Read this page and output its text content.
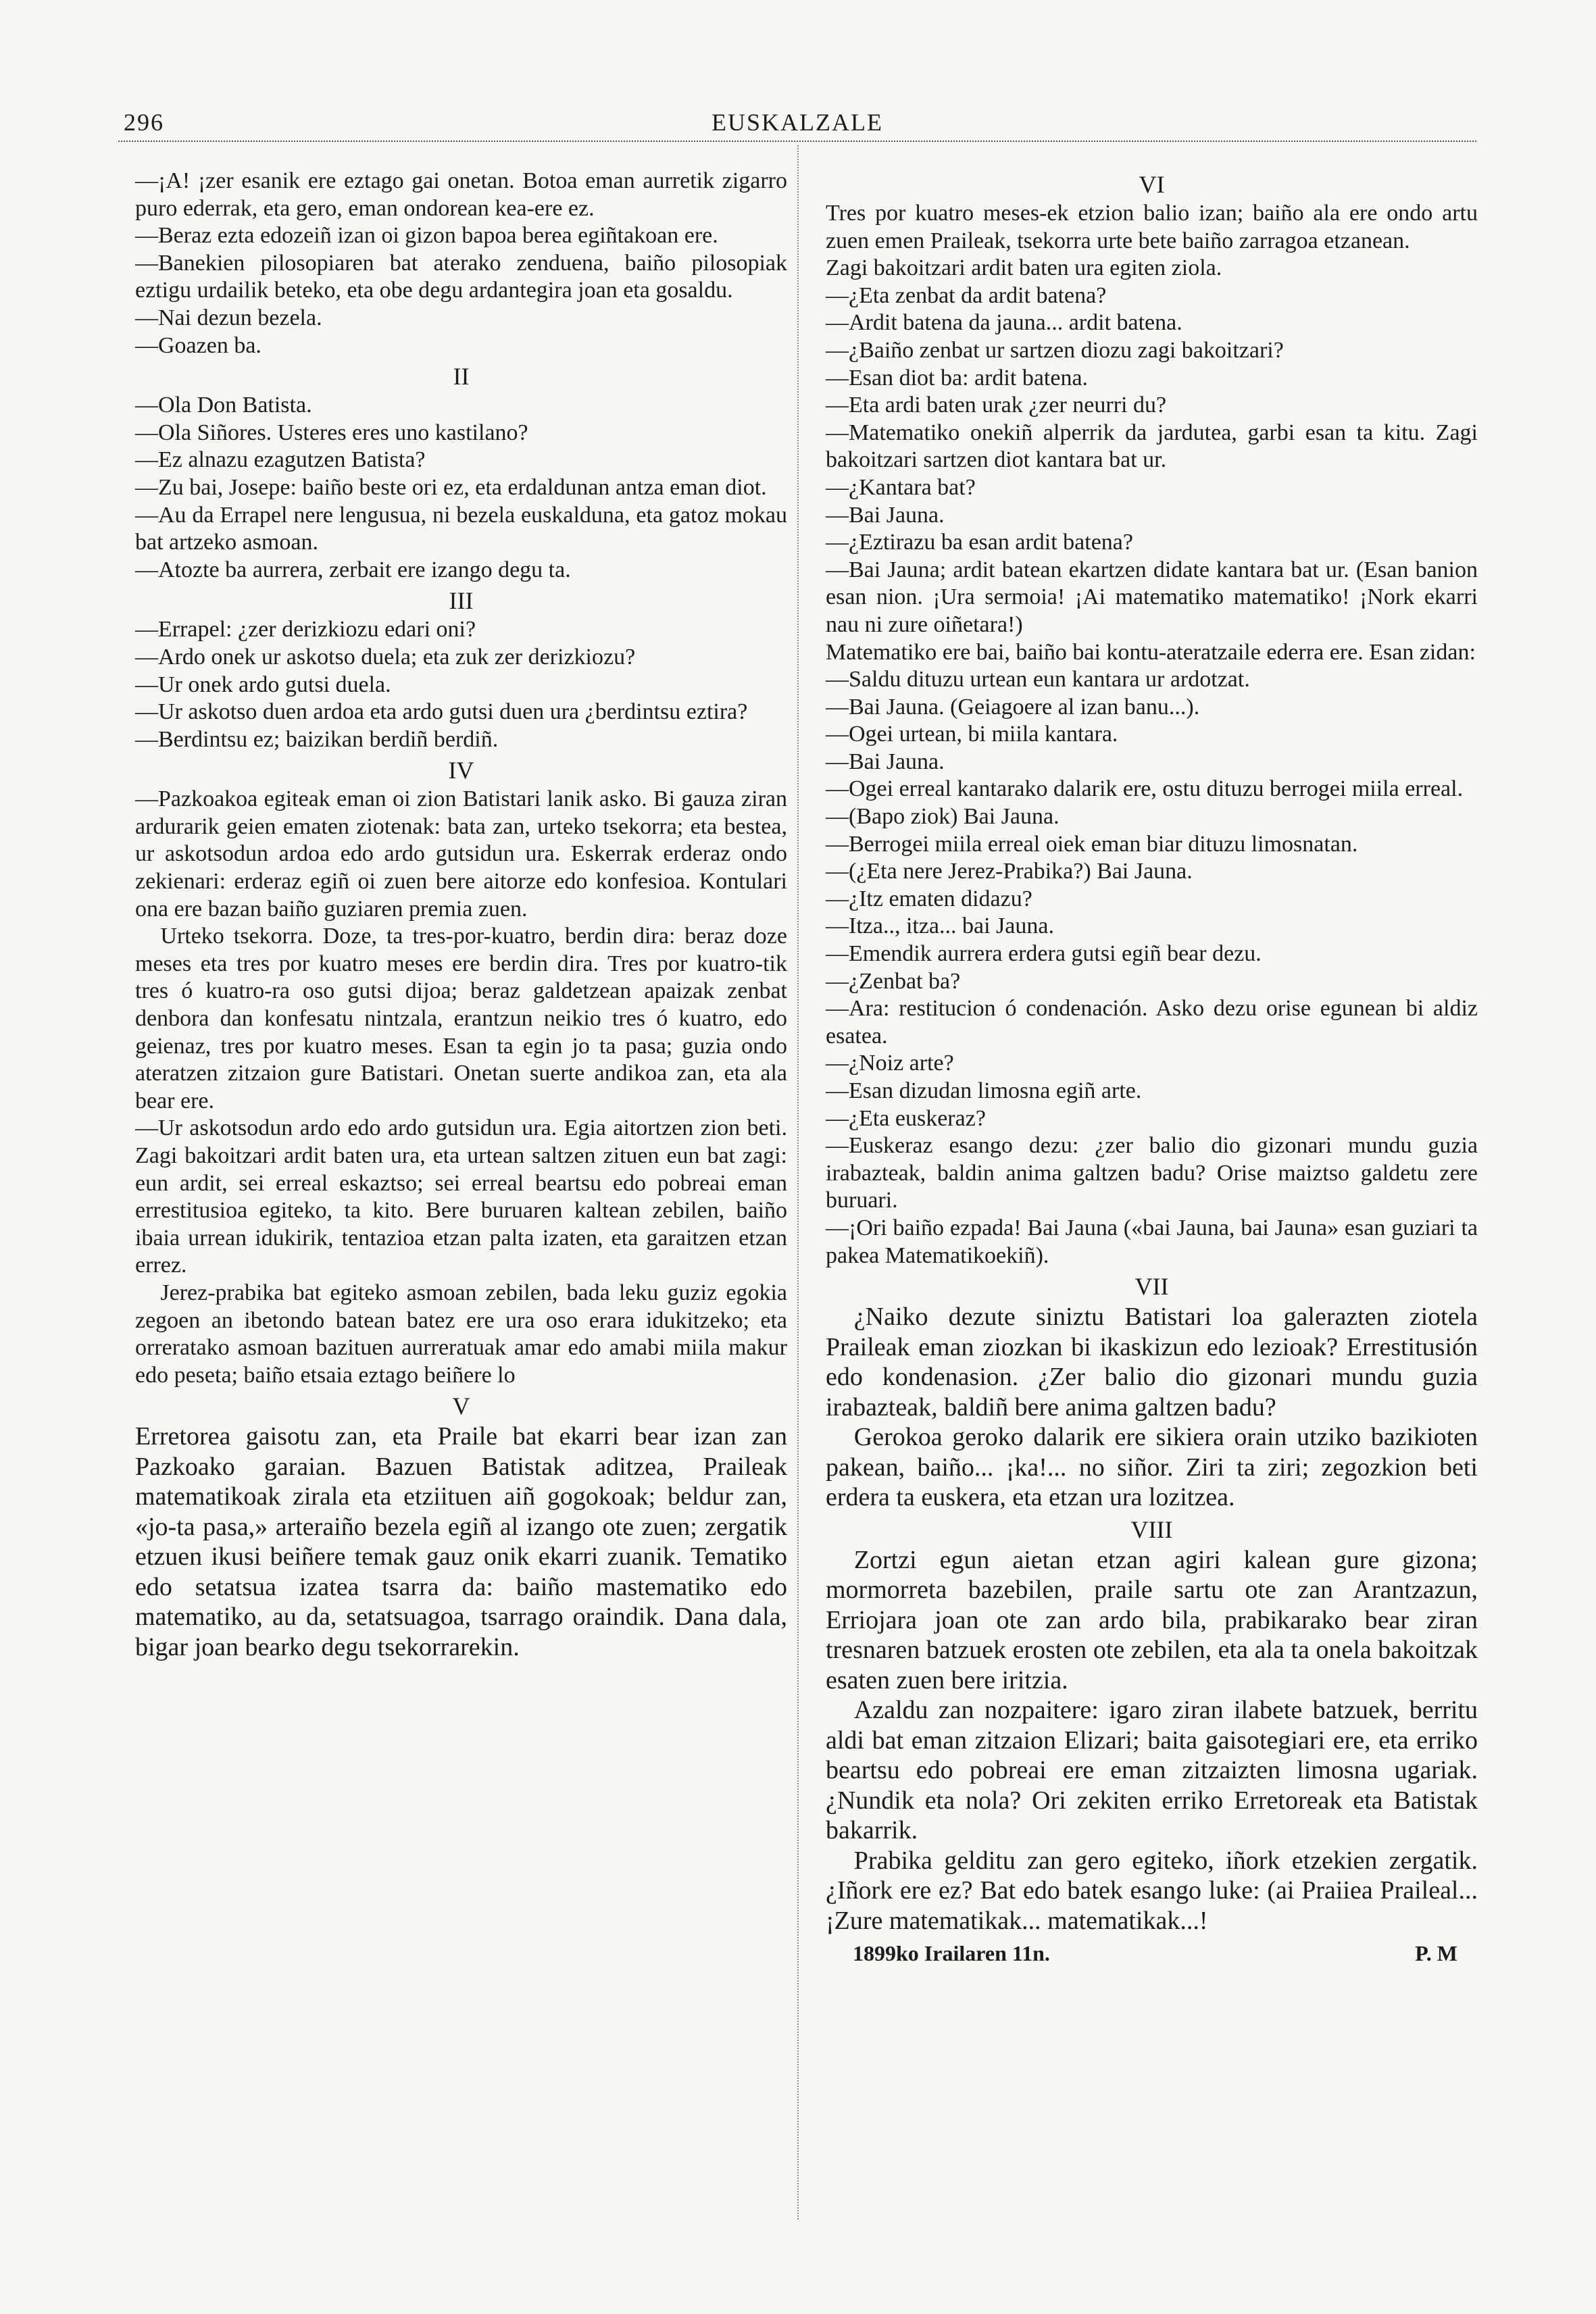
296	EUSKALZALE

—¡A! ¡zer esanik ere eztago gai onetan. Botoa eman aurretik zigarro puro ederrak, eta gero, eman ondorean kea-ere ez.

—Beraz ezta edozeiñ izan oi gizon bapoa berea egiñtakoan ere.

—Banekien pilosopiaren bat aterako zenduena, baiño pilosopiak eztigu urdailik beteko, eta obe degu ardantegira joan eta gosaldu.

—Nai dezun bezela.

—Goazen ba.

II

—Ola Don Batista.

—Ola Siñores. Usteres eres uno kastilano?

—Ez alnazu ezagutzen Batista?

—Zu bai, Josepe: baiño beste ori ez, eta erdaldunan antza eman diot.

—Au da Errapel nere lengusua, ni bezela euskalduna, eta gatoz mokau bat artzeko asmoan.

—Atozte ba aurrera, zerbait ere izango degu ta.

III

—Errapel: ¿zer derizkiozu edari oni?

—Ardo onek ur askotso duela; eta zuk zer derizkiozu?

—Ur onek ardo gutsi duela.

—Ur askotso duen ardoa eta ardo gutsi duen ura ¿berdintsu eztira?

—Berdintsu ez; baizikan berdiñ berdiñ.

IV

—Pazkoakoa egiteak eman oi zion Batistari lanik asko. Bi gauza ziran ardurarik geien ematen ziotenak: bata zan, urteko tsekorra; eta bestea, ur askotsodun ardoa edo ardo gutsidun ura. Eskerrak erderaz ondo zekienari: erderaz egiñ oi zuen bere aitorze edo konfesioa. Kontulari ona ere bazan baiño guziaren premia zuen.

Urteko tsekorra. Doze, ta tres-por-kuatro, berdin dira: beraz doze meses eta tres por kuatro meses ere berdin dira. Tres por kuatro-tik tres ó kuatro-ra oso gutsi dijoa; beraz galdetzean apaizak zenbat denbora dan konfesatu nintzala, erantzun neikio tres ó kuatro, edo geienaz, tres por kuatro meses. Esan ta egin jo ta pasa; guzia ondo ateratzen zitzaion gure Batistari. Onetan suerte andikoa zan, eta ala bear ere.

—Ur askotsodun ardo edo ardo gutsidun ura. Egia aitortzen zion beti. Zagi bakoitzari ardit baten ura, eta urtean saltzen zituen eun bat zagi: eun ardit, sei erreal eskaztso; sei erreal beartsu edo pobreai eman errestitusioa egiteko, ta kito. Bere buruaren kaltean zebilen, baiño ibaia urrean idukirik, tentazioa etzan palta izaten, eta garaitzen etzan errez.

Jerez-prabika bat egiteko asmoan zebilen, bada leku guziz egokia zegoen an ibetondo batean batez ere ura oso erara idukitzeko; eta orreratako asmoan bazituen aurreratuak amar edo amabi miila makur edo peseta; baiño etsaia eztago beiñere lo

V

Erretorea gaisotu zan, eta Praile bat ekarri bear izan zan Pazkoako garaian. Bazuen Batistak aditzea, Praileak matematikoak zirala eta etziituen aiñ gogokoak; beldur zan, «jo-ta pasa,» arteraiño bezela egiñ al izango ote zuen; zergatik etzuen ikusi beiñere temak gauz onik ekarri zuanik. Tematiko edo setatsua izatea tsarra da: baiño mastematiko edo matematiko, au da, setatsuagoa, tsarrago oraindik. Dana dala, bigar joan bearko degu tsekorrarekin.

VI

Tres por kuatro meses-ek etzion balio izan; baiño ala ere ondo artu zuen emen Praileak, tsekorra urte bete baiño zarragoa etzanean.

Zagi bakoitzari ardit baten ura egiten ziola.

—¿Eta zenbat da ardit batena?

—Ardit batena da jauna... ardit batena.

—¿Baiño zenbat ur sartzen diozu zagi bakoitzari?

—Esan diot ba: ardit batena.

—Eta ardi baten urak ¿zer neurri du?

—Matematiko onekiñ alperrik da jardutea, garbi esan ta kitu. Zagi bakoitzari sartzen diot kantara bat ur.

—¿Kantara bat?

—Bai Jauna.

—¿Eztirazu ba esan ardit batena?

—Bai Jauna; ardit batean ekartzen didate kantara bat ur. (Esan banion esan nion. ¡Ura sermoia! ¡Ai matematiko matematiko! ¡Nork ekarri nau ni zure oiñetara!)

Matematiko ere bai, baiño bai kontu-ateratzaile ederra ere. Esan zidan:

—Saldu dituzu urtean eun kantara ur ardotzat.

—Bai Jauna. (Geiagoere al izan banu...).

—Ogei urtean, bi miila kantara.

—Bai Jauna.

—Ogei erreal kantarako dalarik ere, ostu dituzu berrogei miila erreal.

—(Bapo ziok) Bai Jauna.

—Berrogei miila erreal oiek eman biar dituzu limosnatan.

—(¿Eta nere Jerez-Prabika?) Bai Jauna.

—¿Itz ematen didazu?

—Itza.., itza... bai Jauna.

—Emendik aurrera erdera gutsi egiñ bear dezu.

—¿Zenbat ba?

—Ara: restitucion ó condenación. Asko dezu orise egunean bi aldiz esatea.

—¿Noiz arte?

—Esan dizudan limosna egiñ arte.

—¿Eta euskeraz?

—Euskeraz esango dezu: ¿zer balio dio gizonari mundu guzia irabazteak, baldin anima galtzen badu? Orise maiztso galdetu zere buruari.

—¡Ori baiño ezpada! Bai Jauna («bai Jauna, bai Jauna» esan guziari ta pakea Matematikoekiñ).

VII

¿Naiko dezute siniztu Batistari loa galerazten ziotela Praileak eman ziozkan bi ikaskizun edo lezioak? Errestitusión edo kondenasion. ¿Zer balio dio gizonari mundu guzia irabazteak, baldiñ bere anima galtzen badu?

Gerokoa geroko dalarik ere sikiera orain utziko bazikioten pakean, baiño... ¡ka!... no siñor. Ziri ta ziri; zegozkion beti erdera ta euskera, eta etzan ura lozitzea.

VIII

Zortzi egun aietan etzan agiri kalean gure gizona; mormorreta bazebilen, praile sartu ote zan Arantzazun, Erriojara joan ote zan ardo bila, prabikarako bear ziran tresnaren batzuek erosten ote zebilen, eta ala ta onela bakoitzak esaten zuen bere iritzia.

Azaldu zan nozpaitere: igaro ziran ilabete batzuek, berritu aldi bat eman zitzaion Elizari; baita gaisotegiari ere, eta erriko beartsu edo pobreai ere eman zitzaizten limosna ugariak. ¿Nundik eta nola? Ori zekiten erriko Erretoreak eta Batistak bakarrik.

Prabika gelditu zan gero egiteko, iñork etzekien zergatik. ¿Iñork ere ez? Bat edo batek esango luke: (ai Praiiea Praileal... ¡Zure matematikak... matematikak...!

1899ko Irailaren 11n.	P. M
